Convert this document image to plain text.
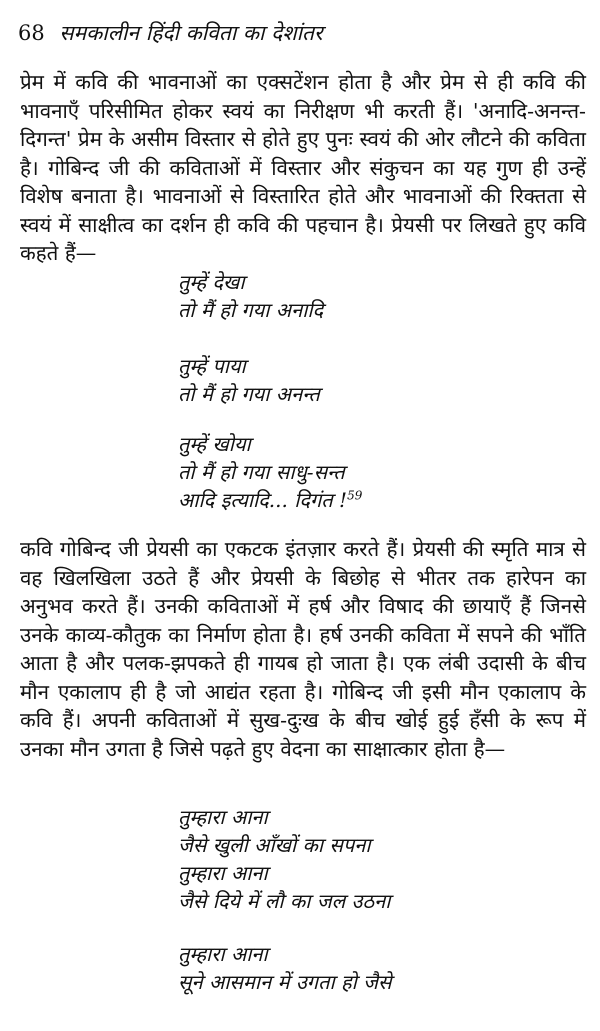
68 समकालीन हिंदी कविता का देशांतर

प्रेम में कवि की भावनाओं का एक्सटेंशन होता है और प्रेम से ही कवि की भावनाएँ परिसीमित होकर स्वयं का निरीक्षण भी करती हैं। 'अनादि-अनन्त-दिगन्त' प्रेम के असीम विस्तार से होते हुए पुनः स्वयं की ओर लौटने की कविता है। गोबिन्द जी की कविताओं में विस्तार और संकुचन का यह गुण ही उन्हें विशेष बनाता है। भावनाओं से विस्तारित होते और भावनाओं की रिक्तता से स्वयं में साक्षीत्व का दर्शन ही कवि की पहचान है। प्रेयसी पर लिखते हुए कवि कहते हैं—

तुम्हें देखा
तो मैं हो गया अनादि
तुम्हें पाया
तो मैं हो गया अनन्त
तुम्हें खोया
तो मैं हो गया साधु-सन्त
आदि इत्यादि... दिगंत !$^{59}$

कवि गोबिन्द जी प्रेयसी का एकटक इंतज़ार करते हैं। प्रेयसी की स्मृति मात्र से वह खिलखिला उठते हैं और प्रेयसी के बिछोह से भीतर तक हारेपन का अनुभव करते हैं। उनकी कविताओं में हर्ष और विषाद की छायाएँ हैं जिनसे उनके काव्य-कौतुक का निर्माण होता है। हर्ष उनकी कविता में सपने की भाँति आता है और पलक-झपकते ही गायब हो जाता है। एक लंबी उदासी के बीच मौन एकालाप ही है जो आद्यंत रहता है। गोबिन्द जी इसी मौन एकालाप के कवि हैं। अपनी कविताओं में सुख-दुःख के बीच खोई हुई हँसी के रूप में उनका मौन उगता है जिसे पढ़ते हुए वेदना का साक्षात्कार होता है—

तुम्हारा आना
जैसे खुली आँखों का सपना
तुम्हारा आना
जैसे दिये में लौ का जल उठना
तुम्हारा आना
सूने आसमान में उगता हो जैसे
